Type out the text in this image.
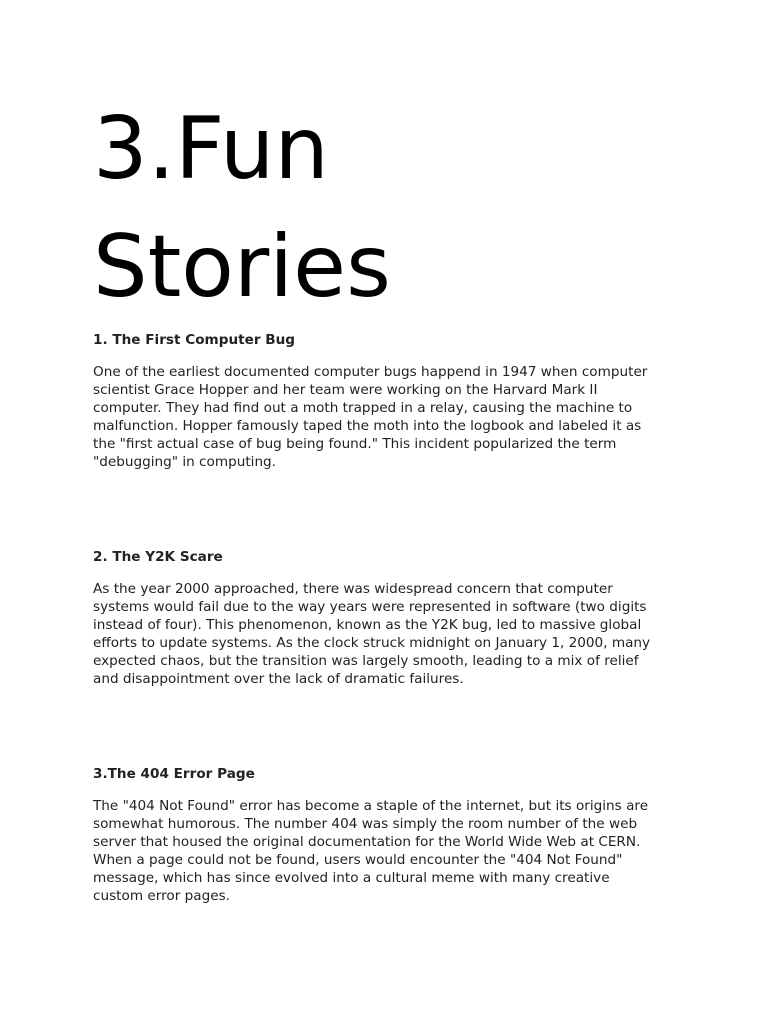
3.Fun
Stories
1. The First Computer Bug
One of the earliest documented computer bugs happend in 1947 when computer
scientist Grace Hopper and her team were working on the Harvard Mark II
computer. They had find out a moth trapped in a relay, causing the machine to
malfunction. Hopper famously taped the moth into the logbook and labeled it as
the "first actual case of bug being found." This incident popularized the term
"debugging" in computing.
2. The Y2K Scare
As the year 2000 approached, there was widespread concern that computer
systems would fail due to the way years were represented in software (two digits
instead of four). This phenomenon, known as the Y2K bug, led to massive global
efforts to update systems. As the clock struck midnight on January 1, 2000, many
expected chaos, but the transition was largely smooth, leading to a mix of relief
and disappointment over the lack of dramatic failures.
3.The 404 Error Page
The "404 Not Found" error has become a staple of the internet, but its origins are
somewhat humorous. The number 404 was simply the room number of the web
server that housed the original documentation for the World Wide Web at CERN.
When a page could not be found, users would encounter the "404 Not Found"
message, which has since evolved into a cultural meme with many creative
custom error pages.
